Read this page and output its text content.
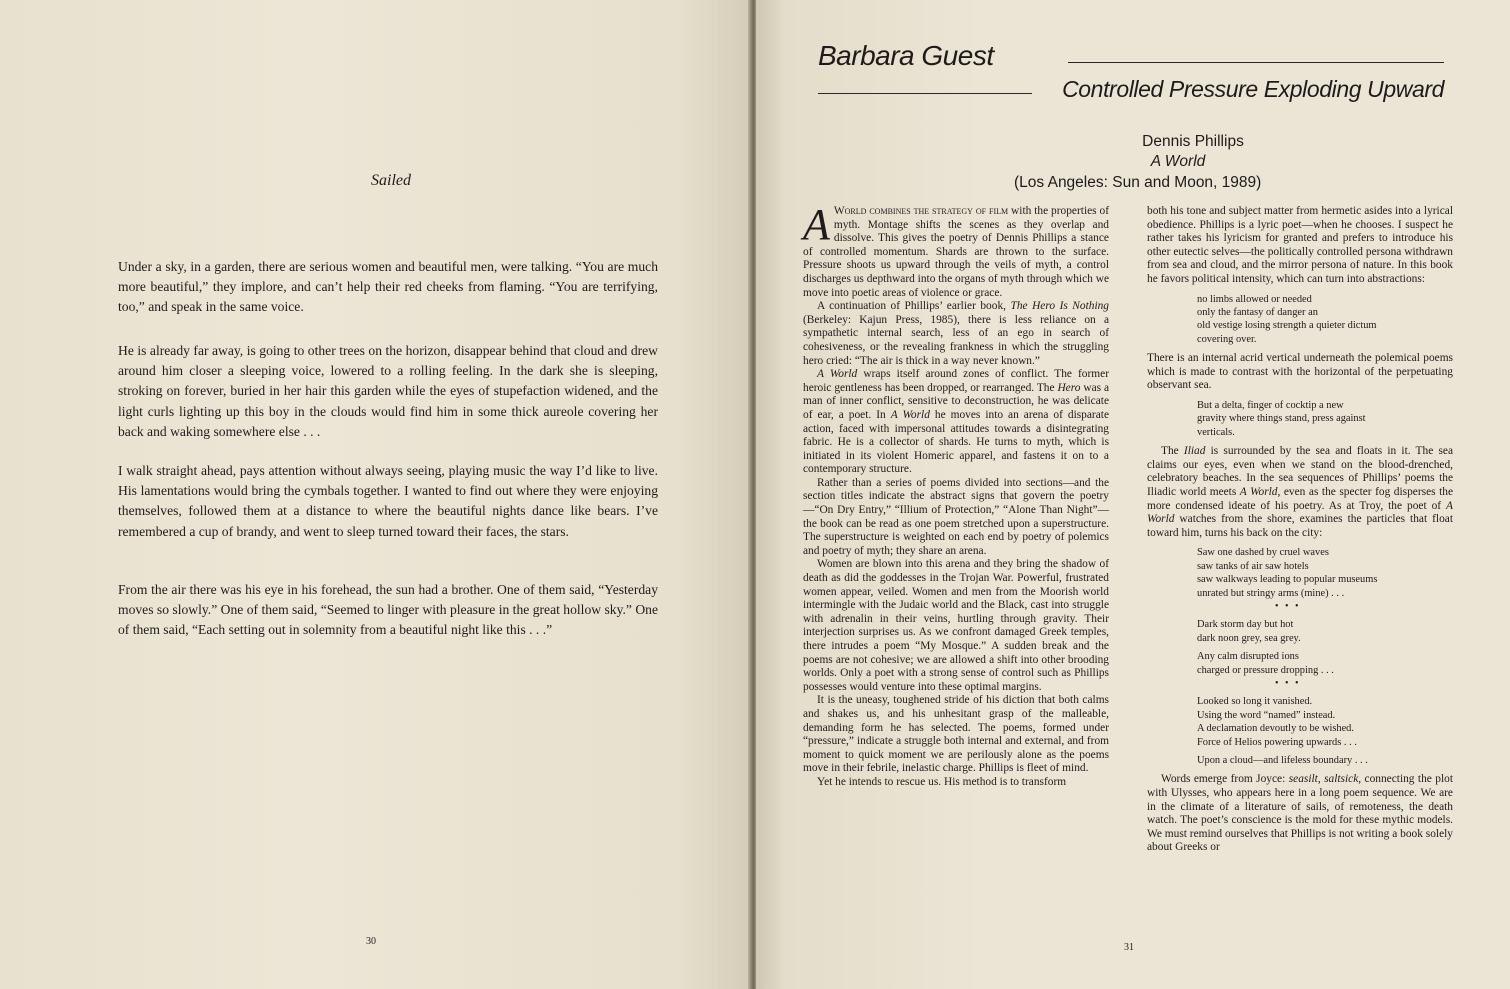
Sailed

Under a sky, in a garden, there are serious women and beautiful men, were talking. “You are much more beautiful,” they implore, and can’t help their red cheeks from flaming. “You are terrifying, too,” and speak in the same voice.

He is already far away, is going to other trees on the horizon, disappear behind that cloud and drew around him closer a sleeping voice, lowered to a rolling feeling. In the dark she is sleeping, stroking on forever, buried in her hair this garden while the eyes of stupefaction widened, and the light curls lighting up this boy in the clouds would find him in some thick aureole covering her back and waking somewhere else . . .

I walk straight ahead, pays attention without always seeing, playing music the way I’d like to live. His lamentations would bring the cymbals together. I wanted to find out where they were enjoying themselves, followed them at a distance to where the beautiful nights dance like bears. I’ve remembered a cup of brandy, and went to sleep turned toward their faces, the stars.

From the air there was his eye in his forehead, the sun had a brother. One of them said, “Yesterday moves so slowly.” One of them said, “Seemed to linger with pleasure in the great hollow sky.” One of them said, “Each setting out in solemnity from a beautiful night like this . . .”

30
Barbara Guest
Controlled Pressure Exploding Upward
Dennis Phillips
A World
(Los Angeles: Sun and Moon, 1989)

A World combines the strategy of film with the properties of myth. Montage shifts the scenes as they overlap and dissolve. This gives the poetry of Dennis Phillips a stance of controlled momentum. Shards are thrown to the surface. Pressure shoots us upward through the veils of myth, a control discharges us depthward into the organs of myth through which we move into poetic areas of violence or grace.

A continuation of Phillips’ earlier book, The Hero Is Nothing (Berkeley: Kajun Press, 1985), there is less reliance on a sympathetic internal search, less of an ego in search of cohesiveness, or the revealing frankness in which the struggling hero cried: “The air is thick in a way never known.”

A World wraps itself around zones of conflict. The former heroic gentleness has been dropped, or rearranged. The Hero was a man of inner conflict, sensitive to deconstruction, he was delicate of ear, a poet. In A World he moves into an arena of disparate action, faced with impersonal attitudes towards a disintegrating fabric. He is a collector of shards. He turns to myth, which is initiated in its violent Homeric apparel, and fastens it on to a contemporary structure.

Rather than a series of poems divided into sections—and the section titles indicate the abstract signs that govern the poetry—“On Dry Entry,” “Illium of Protection,” “Alone Than Night”—the book can be read as one poem stretched upon a superstructure. The superstructure is weighted on each end by poetry of polemics and poetry of myth; they share an arena.

Women are blown into this arena and they bring the shadow of death as did the goddesses in the Trojan War. Powerful, frustrated women appear, veiled. Women and men from the Moorish world intermingle with the Judaic world and the Black, cast into struggle with adrenalin in their veins, hurtling through gravity. Their interjection surprises us. As we confront damaged Greek temples, there intrudes a poem “My Mosque.” A sudden break and the poems are not cohesive; we are allowed a shift into other brooding worlds. Only a poet with a strong sense of control such as Phillips possesses would venture into these optimal margins.

It is the uneasy, toughened stride of his diction that both calms and shakes us, and his unhesitant grasp of the malleable, demanding form he has selected. The poems, formed under “pressure,” indicate a struggle both internal and external, and from moment to quick moment we are perilously alone as the poems move in their febrile, inelastic charge. Phillips is fleet of mind.

Yet he intends to rescue us. His method is to transform

both his tone and subject matter from hermetic asides into a lyrical obedience. Phillips is a lyric poet—when he chooses. I suspect he rather takes his lyricism for granted and prefers to introduce his other eutectic selves—the politically controlled persona withdrawn from sea and cloud, and the mirror persona of nature. In this book he favors political intensity, which can turn into abstractions:

no limbs allowed or needed
only the fantasy of danger an
old vestige losing strength a quieter dictum
covering over.

There is an internal acrid vertical underneath the polemical poems which is made to contrast with the horizontal of the perpetuating observant sea.

But a delta, finger of cocktip a new
gravity where things stand, press against
verticals.

The Iliad is surrounded by the sea and floats in it. The sea claims our eyes, even when we stand on the blood-drenched, celebratory beaches. In the sea sequences of Phillips’ poems the Iliadic world meets A World, even as the specter fog disperses the more condensed ideate of his poetry. As at Troy, the poet of A World watches from the shore, examines the particles that float toward him, turns his back on the city:

Saw one dashed by cruel waves
saw tanks of air saw hotels
saw walkways leading to popular museums
unrated but stringy arms (mine) . . .
• • •
Dark storm day but hot
dark noon grey, sea grey.
Any calm disrupted ions
charged or pressure dropping . . .
• • •
Looked so long it vanished.
Using the word “named” instead.
A declamation devoutly to be wished.
Force of Helios powering upwards . . .
Upon a cloud—and lifeless boundary . . .

Words emerge from Joyce: seasilt, saltsick, connecting the plot with Ulysses, who appears here in a long poem sequence. We are in the climate of a literature of sails, of remoteness, the death watch. The poet’s conscience is the mold for these mythic models. We must remind ourselves that Phillips is not writing a book solely about Greeks or

31
